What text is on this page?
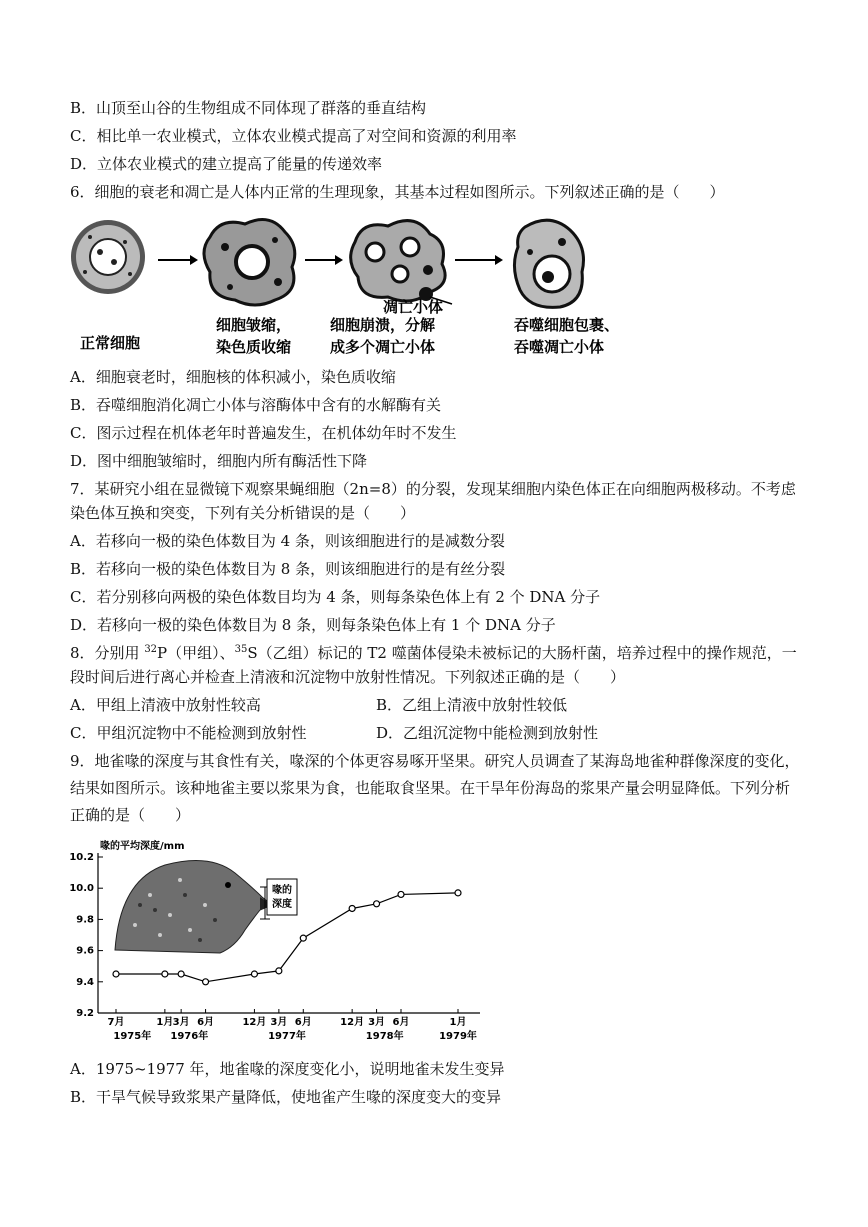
B．山顶至山谷的生物组成不同体现了群落的垂直结构
C．相比单一农业模式，立体农业模式提高了对空间和资源的利用率
D．立体农业模式的建立提高了能量的传递效率
6．细胞的衰老和凋亡是人体内正常的生理现象，其基本过程如图所示。下列叙述正确的是（　　）
凋亡小体
正常细胞
细胞皱缩，
染色质收缩
细胞崩溃，分解
成多个凋亡小体
吞噬细胞包裹、
吞噬凋亡小体
A．细胞衰老时，细胞核的体积减小，染色质收缩
B．吞噬细胞消化凋亡小体与溶酶体中含有的水解酶有关
C．图示过程在机体老年时普遍发生，在机体幼年时不发生
D．图中细胞皱缩时，细胞内所有酶活性下降
7．某研究小组在显微镜下观察果蝇细胞（2n=8）的分裂，发现某细胞内染色体正在向细胞两极移动。不考虑
染色体互换和突变，下列有关分析错误的是（　　）
A．若移向一极的染色体数目为 4 条，则该细胞进行的是减数分裂
B．若移向一极的染色体数目为 8 条，则该细胞进行的是有丝分裂
C．若分别移向两极的染色体数目均为 4 条，则每条染色体上有 2 个 DNA 分子
D．若移向一极的染色体数目为 8 条，则每条染色体上有 1 个 DNA 分子
8．分别用 $^{32}$P（甲组）、$^{35}$S（乙组）标记的 T2 噬菌体侵染未被标记的大肠杆菌，培养过程中的操作规范，一
段时间后进行离心并检查上清液和沉淀物中放射性情况。下列叙述正确的是（　　）
A．甲组上清液中放射性较高	B．乙组上清液中放射性较低
C．甲组沉淀物中不能检测到放射性	D．乙组沉淀物中能检测到放射性
9．地雀喙的深度与其食性有关，喙深的个体更容易啄开坚果。研究人员调查了某海岛地雀种群像深度的变化，
结果如图所示。该种地雀主要以浆果为食，也能取食坚果。在干旱年份海岛的浆果产量会明显降低。下列分析
正确的是（　　）
喙的
深度
9.2
9.4
9.6
9.8
10.0
10.2
7月	1月 3月 6月	12月 3月 6月	12月 3月 6月	1月
1975年 1976年	1977年	1978年	1979年
喙的平均深度/mm
A．1975~1977 年，地雀喙的深度变化小，说明地雀未发生变异
B．干旱气候导致浆果产量降低，使地雀产生喙的深度变大的变异
